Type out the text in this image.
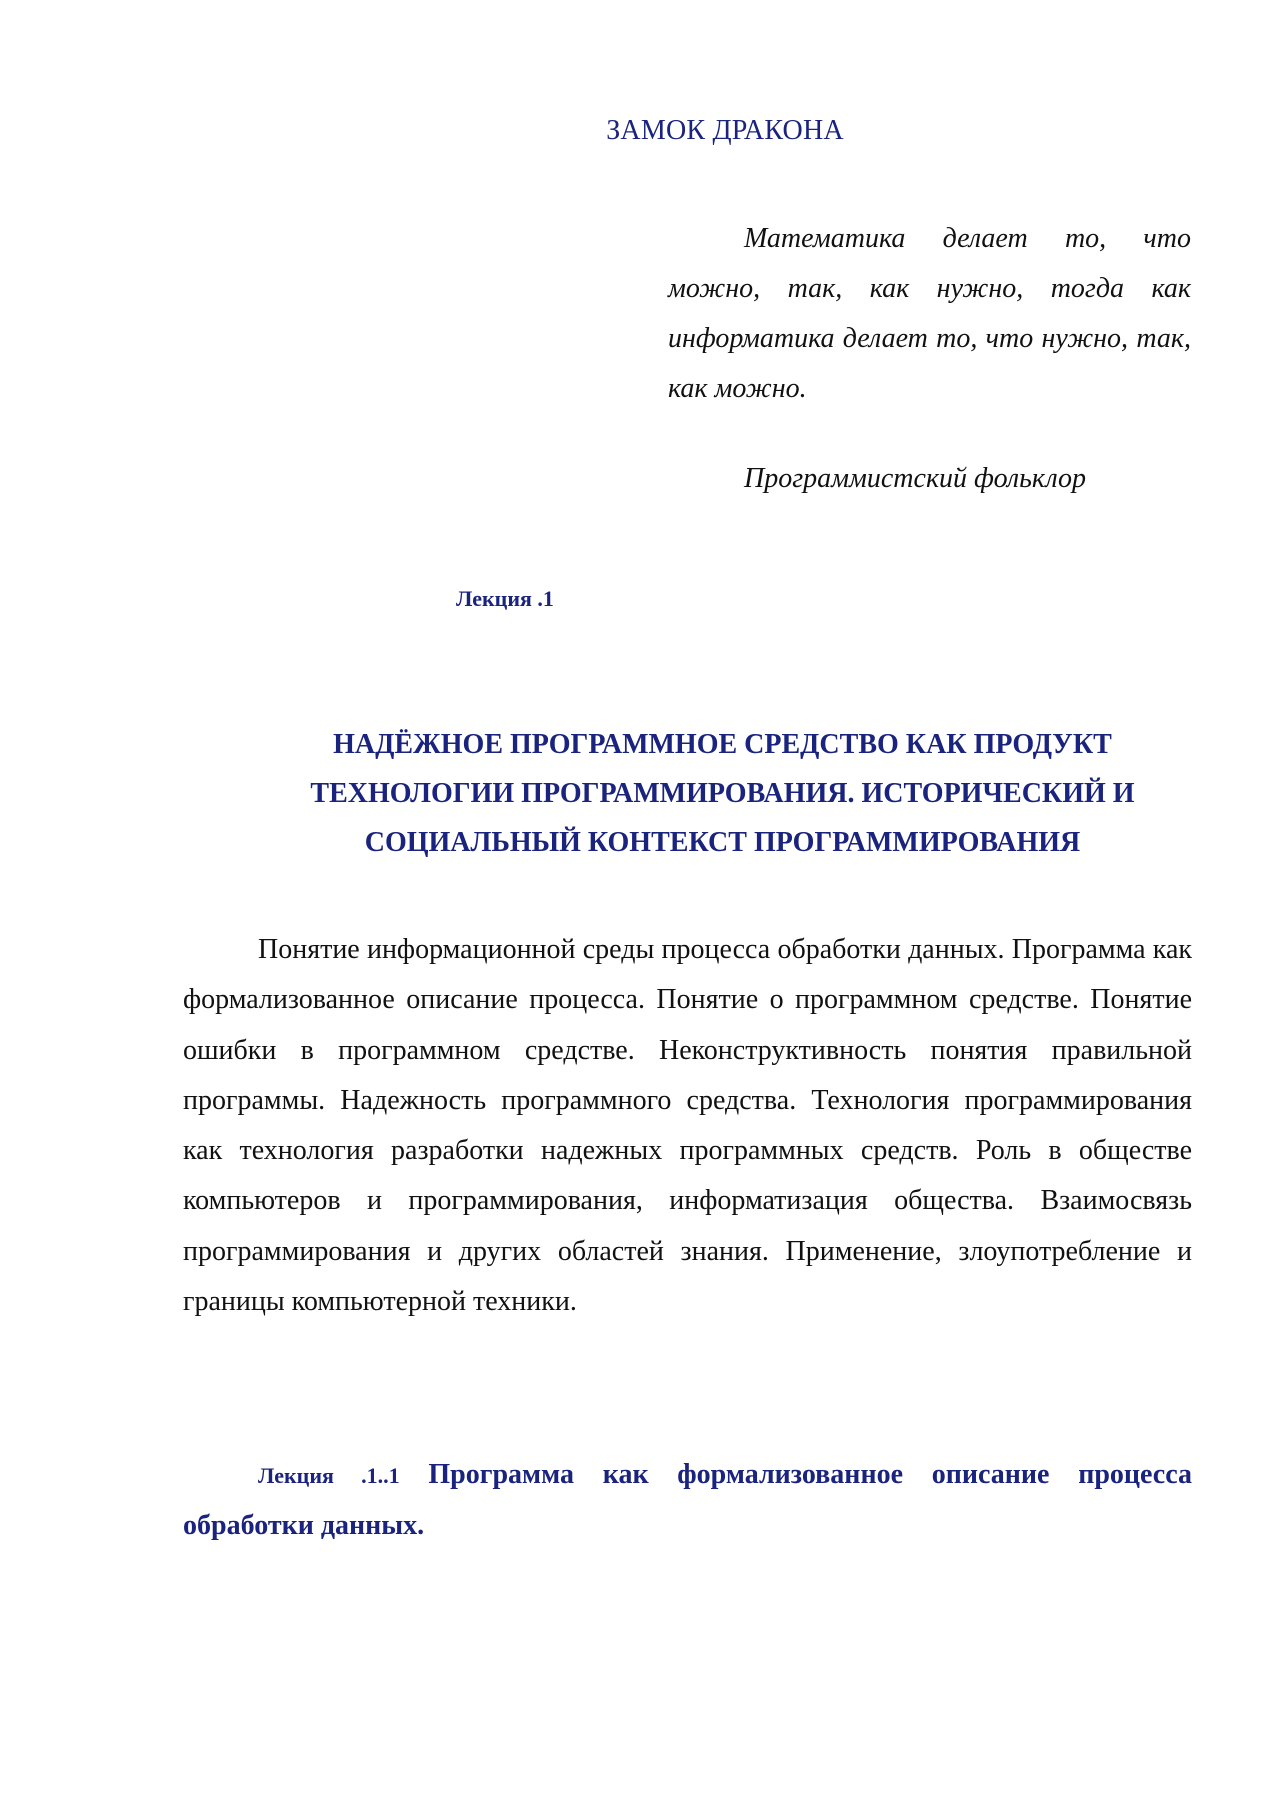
ЗАМОК ДРАКОНА

Математика делает то, что можно, так, как нужно, тогда как информатика делает то, что нужно, так, как можно.

Программистский фольклор

Лекция .1

НАДЁЖНОЕ ПРОГРАММНОЕ СРЕДСТВО КАК ПРОДУКТ ТЕХНОЛОГИИ ПРОГРАММИРОВАНИЯ. ИСТОРИЧЕСКИЙ И СОЦИАЛЬНЫЙ КОНТЕКСТ ПРОГРАММИРОВАНИЯ

Понятие информационной среды процесса обработки данных. Программа как формализованное описание процесса. Понятие о программном средстве. Понятие ошибки в программном средстве. Неконструктивность понятия правильной программы. Надежность программного средства. Технология программирования как технология разработки надежных программных средств. Роль в обществе компьютеров и программирования, информатизация общества. Взаимосвязь программирования и других областей знания. Применение, злоупотребление и границы компьютерной техники.

Лекция .1..1 Программа как формализованное описание процесса обработки данных.
